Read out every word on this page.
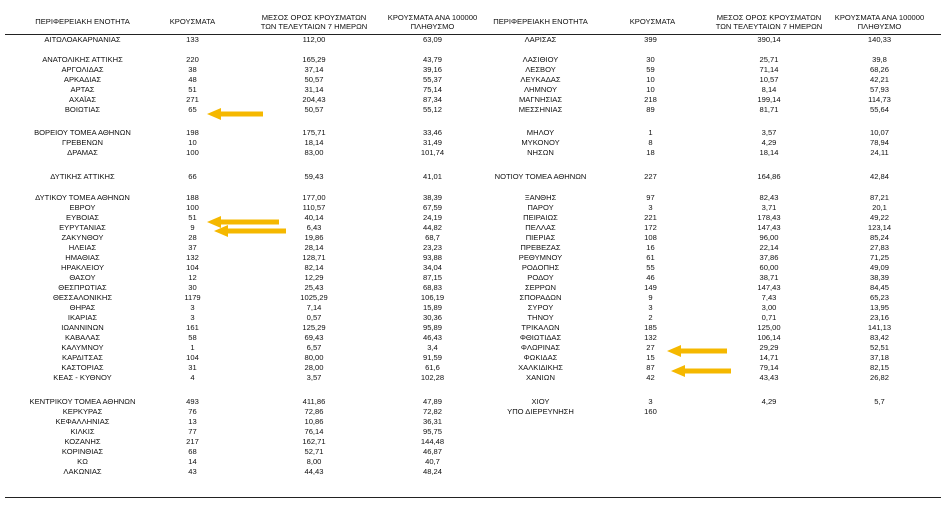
ΠΕΡΙΦΕΡΕΙΑΚΗ ΕΝΟΤΗΤΑ	ΚΡΟΥΣΜΑΤΑ	ΜΕΣΟΣ ΟΡΟΣ ΚΡΟΥΣΜΑΤΩΝ
ΤΩΝ ΤΕΛΕΥΤΑΙΩΝ 7 ΗΜΕΡΩΝ
ΚΡΟΥΣΜΑΤΑ ΑΝΑ 100000
ΠΛΗΘΥΣΜΟ
ΠΕΡΙΦΕΡΕΙΑΚΗ ΕΝΟΤΗΤΑ	ΚΡΟΥΣΜΑΤΑ	ΜΕΣΟΣ ΟΡΟΣ ΚΡΟΥΣΜΑΤΩΝ
ΤΩΝ ΤΕΛΕΥΤΑΙΩΝ 7 ΗΜΕΡΩΝ
ΚΡΟΥΣΜΑΤΑ ΑΝΑ 100000
ΠΛΗΘΥΣΜΟ
ΑΙΤΩΛΟΑΚΑΡΝΑΝΙΑΣ	133	112,00	63,09
ΑΝΑΤΟΛΙΚΗΣ ΑΤΤΙΚΗΣ	220	165,29	43,79
ΑΡΓΟΛΙΔΑΣ	38	37,14	39,16
ΑΡΚΑΔΙΑΣ	48	50,57	55,37
ΑΡΤΑΣ	51	31,14	75,14
ΑΧΑΪΑΣ	271	204,43	87,34
ΒΟΙΩΤΙΑΣ	65	50,57	55,12
ΒΟΡΕΙΟΥ ΤΟΜΕΑ ΑΘΗΝΩΝ	198	175,71	33,46
ΓΡΕΒΕΝΩΝ	10	18,14	31,49
ΔΡΑΜΑΣ	100	83,00	101,74
ΔΥΤΙΚΗΣ ΑΤΤΙΚΗΣ	66	59,43	41,01
ΔΥΤΙΚΟΥ ΤΟΜΕΑ ΑΘΗΝΩΝ	188	177,00	38,39
ΕΒΡΟΥ	100	110,57	67,59
ΕΥΒΟΙΑΣ	51	40,14	24,19
ΕΥΡΥΤΑΝΙΑΣ	9	6,43	44,82
ΖΑΚΥΝΘΟΥ	28	19,86	68,7
ΗΛΕΙΑΣ	37	28,14	23,23
ΗΜΑΘΙΑΣ	132	128,71	93,88
ΗΡΑΚΛΕΙΟΥ	104	82,14	34,04
ΘΑΣΟΥ	12	12,29	87,15
ΘΕΣΠΡΩΤΙΑΣ	30	25,43	68,83
ΘΕΣΣΑΛΟΝΙΚΗΣ	1179	1025,29	106,19
ΘΗΡΑΣ	3	7,14	15,89
ΙΚΑΡΙΑΣ	3	0,57	30,36
ΙΩΑΝΝΙΝΩΝ	161	125,29	95,89
ΚΑΒΑΛΑΣ	58	69,43	46,43
ΚΑΛΥΜΝΟΥ	1	6,57	3,4
ΚΑΡΔΙΤΣΑΣ	104	80,00	91,59
ΚΑΣΤΟΡΙΑΣ	31	28,00	61,6
ΚΕΑΣ - ΚΥΘΝΟΥ	4	3,57	102,28
ΚΕΝΤΡΙΚΟΥ ΤΟΜΕΑ ΑΘΗΝΩΝ	493	411,86	47,89
ΚΕΡΚΥΡΑΣ	76	72,86	72,82
ΚΕΦΑΛΛΗΝΙΑΣ	13	10,86	36,31
ΚΙΛΚΙΣ	77	76,14	95,75
ΚΟΖΑΝΗΣ	217	162,71	144,48
ΚΟΡΙΝΘΙΑΣ	68	52,71	46,87
ΚΩ	14	8,00	40,7
ΛΑΚΩΝΙΑΣ	43	44,43	48,24
ΛΑΡΙΣΑΣ	399	390,14	140,33
ΛΑΣΙΘΙΟΥ	30	25,71	39,8
ΛΕΣΒΟΥ	59	71,14	68,26
ΛΕΥΚΑΔΑΣ	10	10,57	42,21
ΛΗΜΝΟΥ	10	8,14	57,93
ΜΑΓΝΗΣΙΑΣ	218	199,14	114,73
ΜΕΣΣΗΝΙΑΣ	89	81,71	55,64
ΜΗΛΟΥ	1	3,57	10,07
ΜΥΚΟΝΟΥ	8	4,29	78,94
ΝΗΣΩΝ	18	18,14	24,11
ΝΟΤΙΟΥ ΤΟΜΕΑ ΑΘΗΝΩΝ	227	164,86	42,84
ΞΑΝΘΗΣ	97	82,43	87,21
ΠΑΡΟΥ	3	3,71	20,1
ΠΕΙΡΑΙΩΣ	221	178,43	49,22
ΠΕΛΛΑΣ	172	147,43	123,14
ΠΙΕΡΙΑΣ	108	96,00	85,24
ΠΡΕΒΕΖΑΣ	16	22,14	27,83
ΡΕΘΥΜΝΟΥ	61	37,86	71,25
ΡΟΔΟΠΗΣ	55	60,00	49,09
ΡΟΔΟΥ	46	38,71	38,39
ΣΕΡΡΩΝ	149	147,43	84,45
ΣΠΟΡΑΔΩΝ	9	7,43	65,23
ΣΥΡΟΥ	3	3,00	13,95
ΤΗΝΟΥ	2	0,71	23,16
ΤΡΙΚΑΛΩΝ	185	125,00	141,13
ΦΘΙΩΤΙΔΑΣ	132	106,14	83,42
ΦΛΩΡΙΝΑΣ	27	29,29	52,51
ΦΩΚΙΔΑΣ	15	14,71	37,18
ΧΑΛΚΙΔΙΚΗΣ	87	79,14	82,15
ΧΑΝΙΩΝ	42	43,43	26,82
ΧΙΟΥ	3	4,29	5,7
ΥΠΟ ΔΙΕΡΕΥΝΗΣΗ	160
